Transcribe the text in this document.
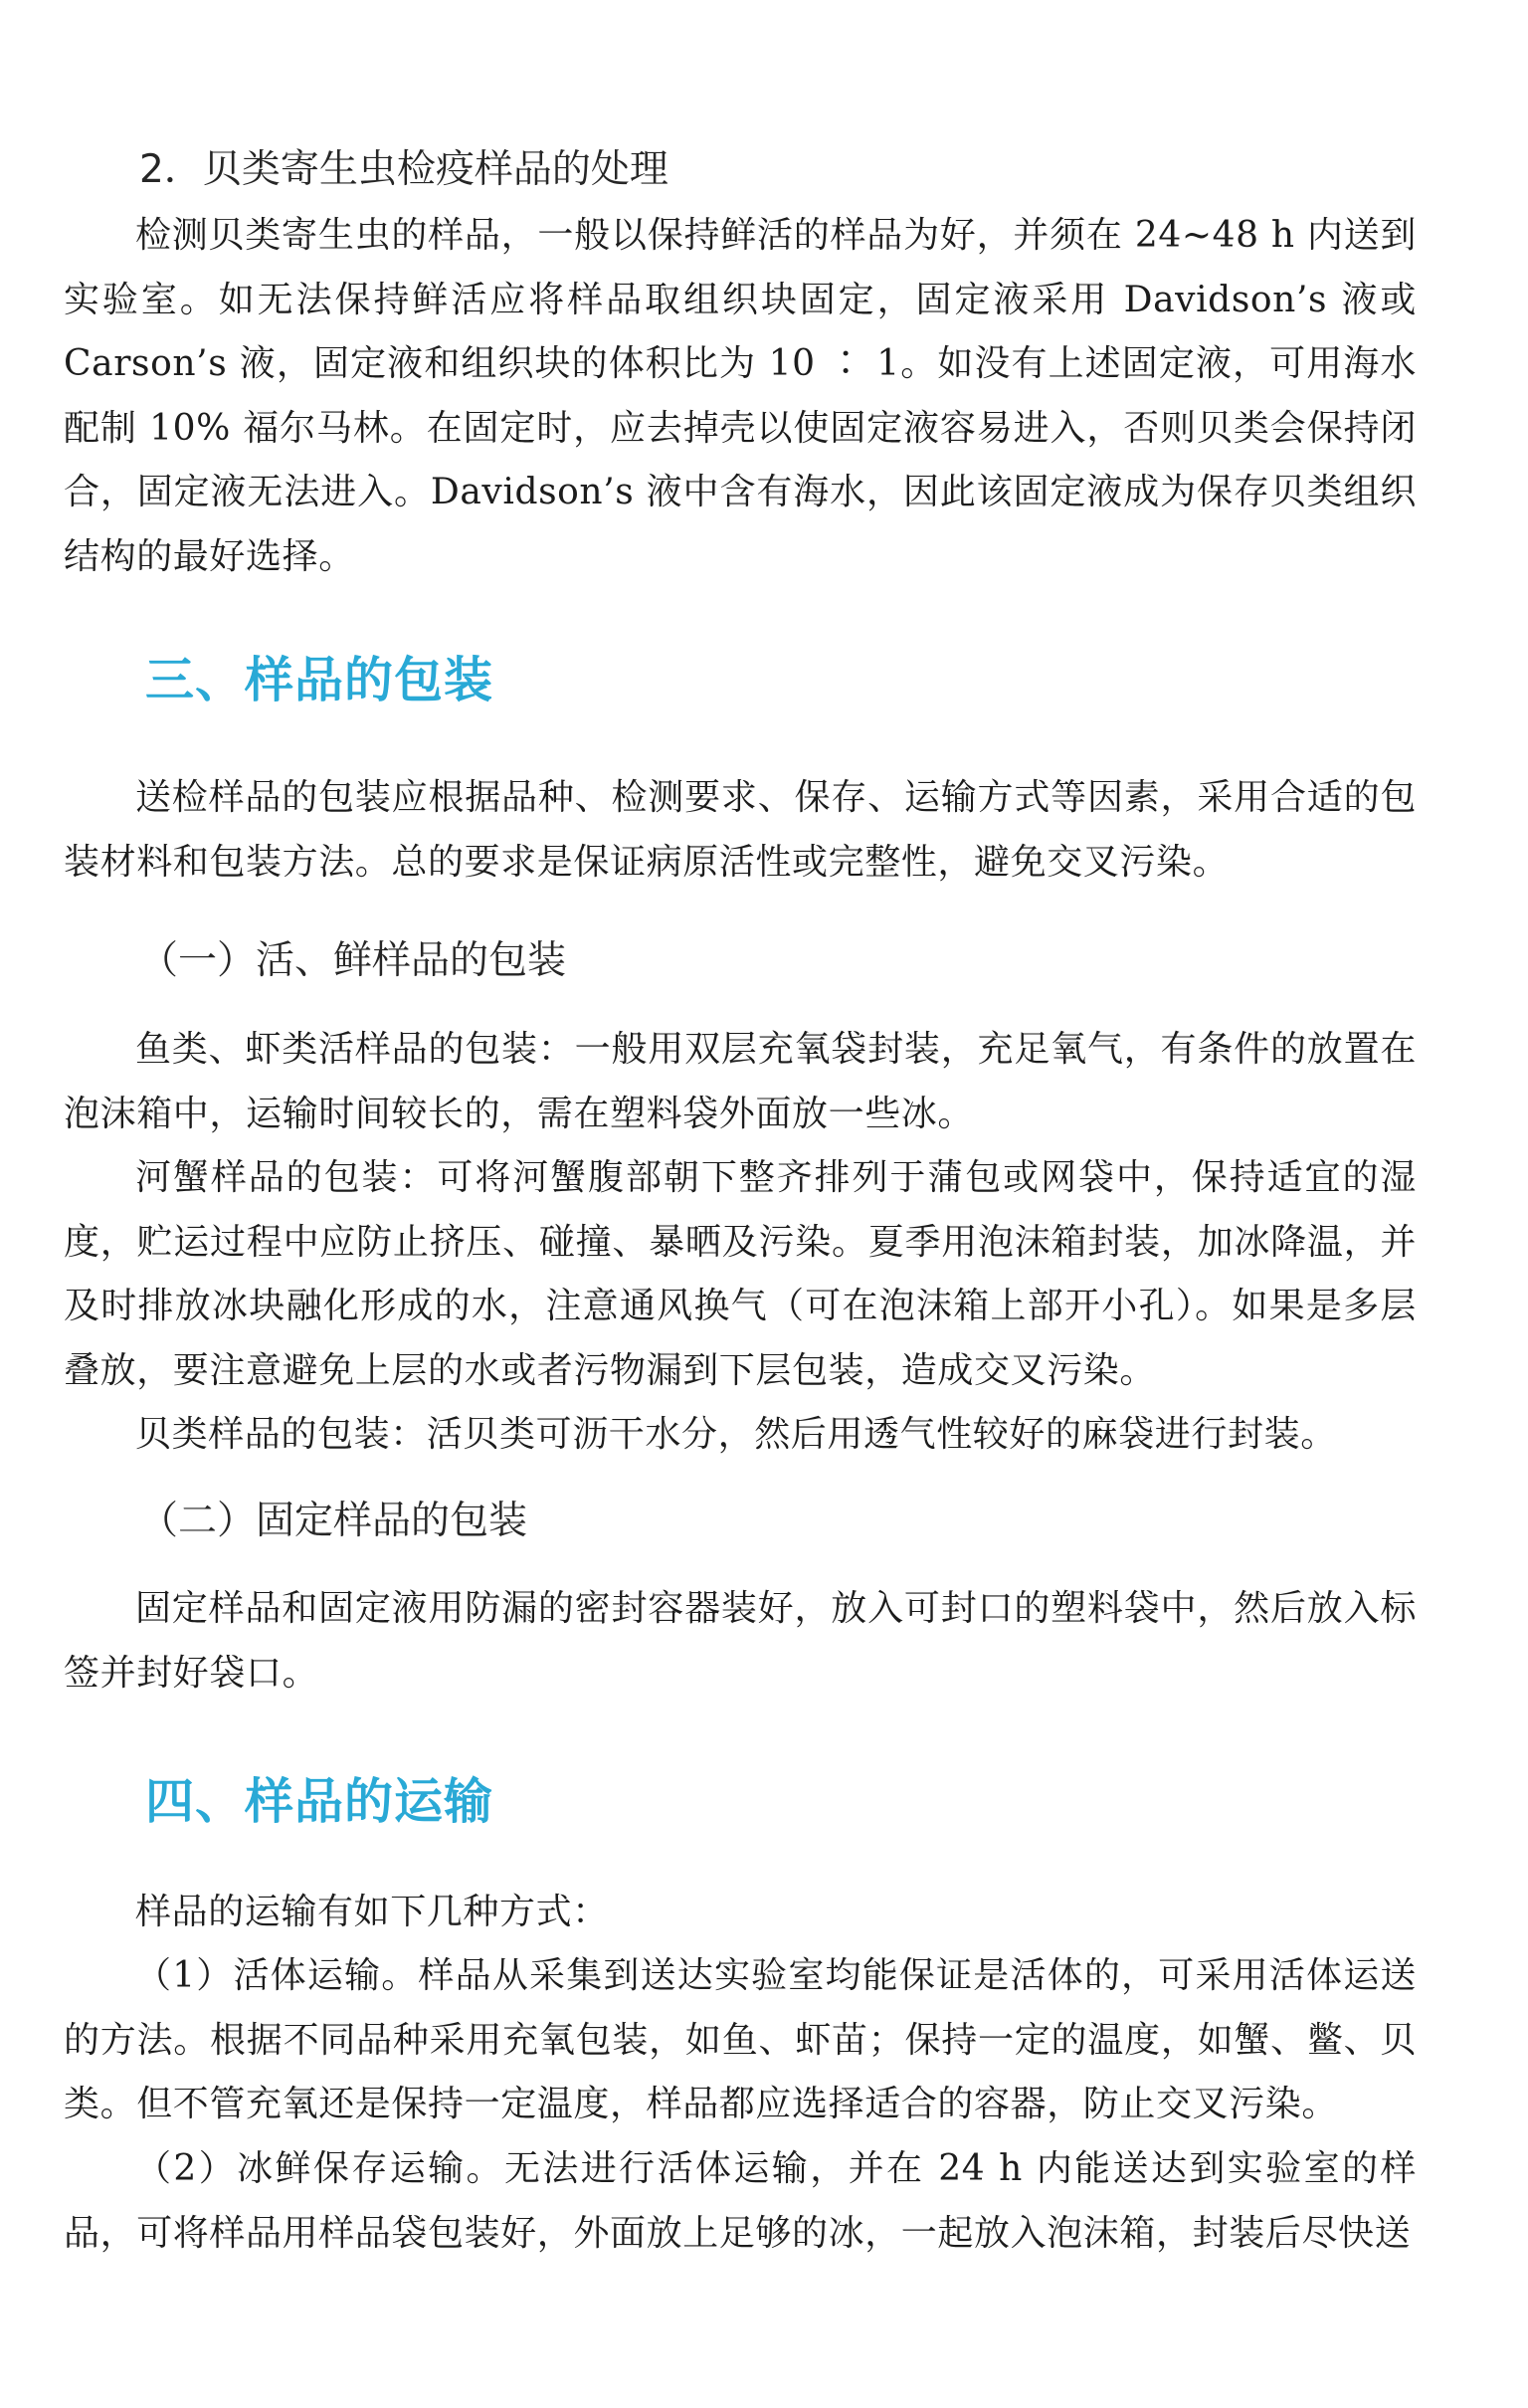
2．贝类寄生虫检疫样品的处理

检测贝类寄生虫的样品，一般以保持鲜活的样品为好，并须在 24~48 h 内送到实验室。如无法保持鲜活应将样品取组织块固定，固定液采用 Davidson’s 液或 Carson’s 液，固定液和组织块的体积比为 10 ∶ 1。如没有上述固定液，可用海水配制 10% 福尔马林。在固定时，应去掉壳以使固定液容易进入，否则贝类会保持闭合，固定液无法进入。Davidson’s 液中含有海水，因此该固定液成为保存贝类组织结构的最好选择。

三、样品的包装

送检样品的包装应根据品种、检测要求、保存、运输方式等因素，采用合适的包装材料和包装方法。总的要求是保证病原活性或完整性，避免交叉污染。

（一）活、鲜样品的包装

鱼类、虾类活样品的包装：一般用双层充氧袋封装，充足氧气，有条件的放置在泡沫箱中，运输时间较长的，需在塑料袋外面放一些冰。

河蟹样品的包装：可将河蟹腹部朝下整齐排列于蒲包或网袋中，保持适宜的湿度，贮运过程中应防止挤压、碰撞、暴晒及污染。夏季用泡沫箱封装，加冰降温，并及时排放冰块融化形成的水，注意通风换气（可在泡沫箱上部开小孔）。如果是多层叠放，要注意避免上层的水或者污物漏到下层包装，造成交叉污染。

贝类样品的包装：活贝类可沥干水分，然后用透气性较好的麻袋进行封装。

（二）固定样品的包装

固定样品和固定液用防漏的密封容器装好，放入可封口的塑料袋中，然后放入标签并封好袋口。

四、样品的运输

样品的运输有如下几种方式：

（1）活体运输。样品从采集到送达实验室均能保证是活体的，可采用活体运送的方法。根据不同品种采用充氧包装，如鱼、虾苗；保持一定的温度，如蟹、鳖、贝类。但不管充氧还是保持一定温度，样品都应选择适合的容器，防止交叉污染。

（2）冰鲜保存运输。无法进行活体运输，并在 24 h 内能送达到实验室的样品，可将样品用样品袋包装好，外面放上足够的冰，一起放入泡沫箱，封装后尽快送
